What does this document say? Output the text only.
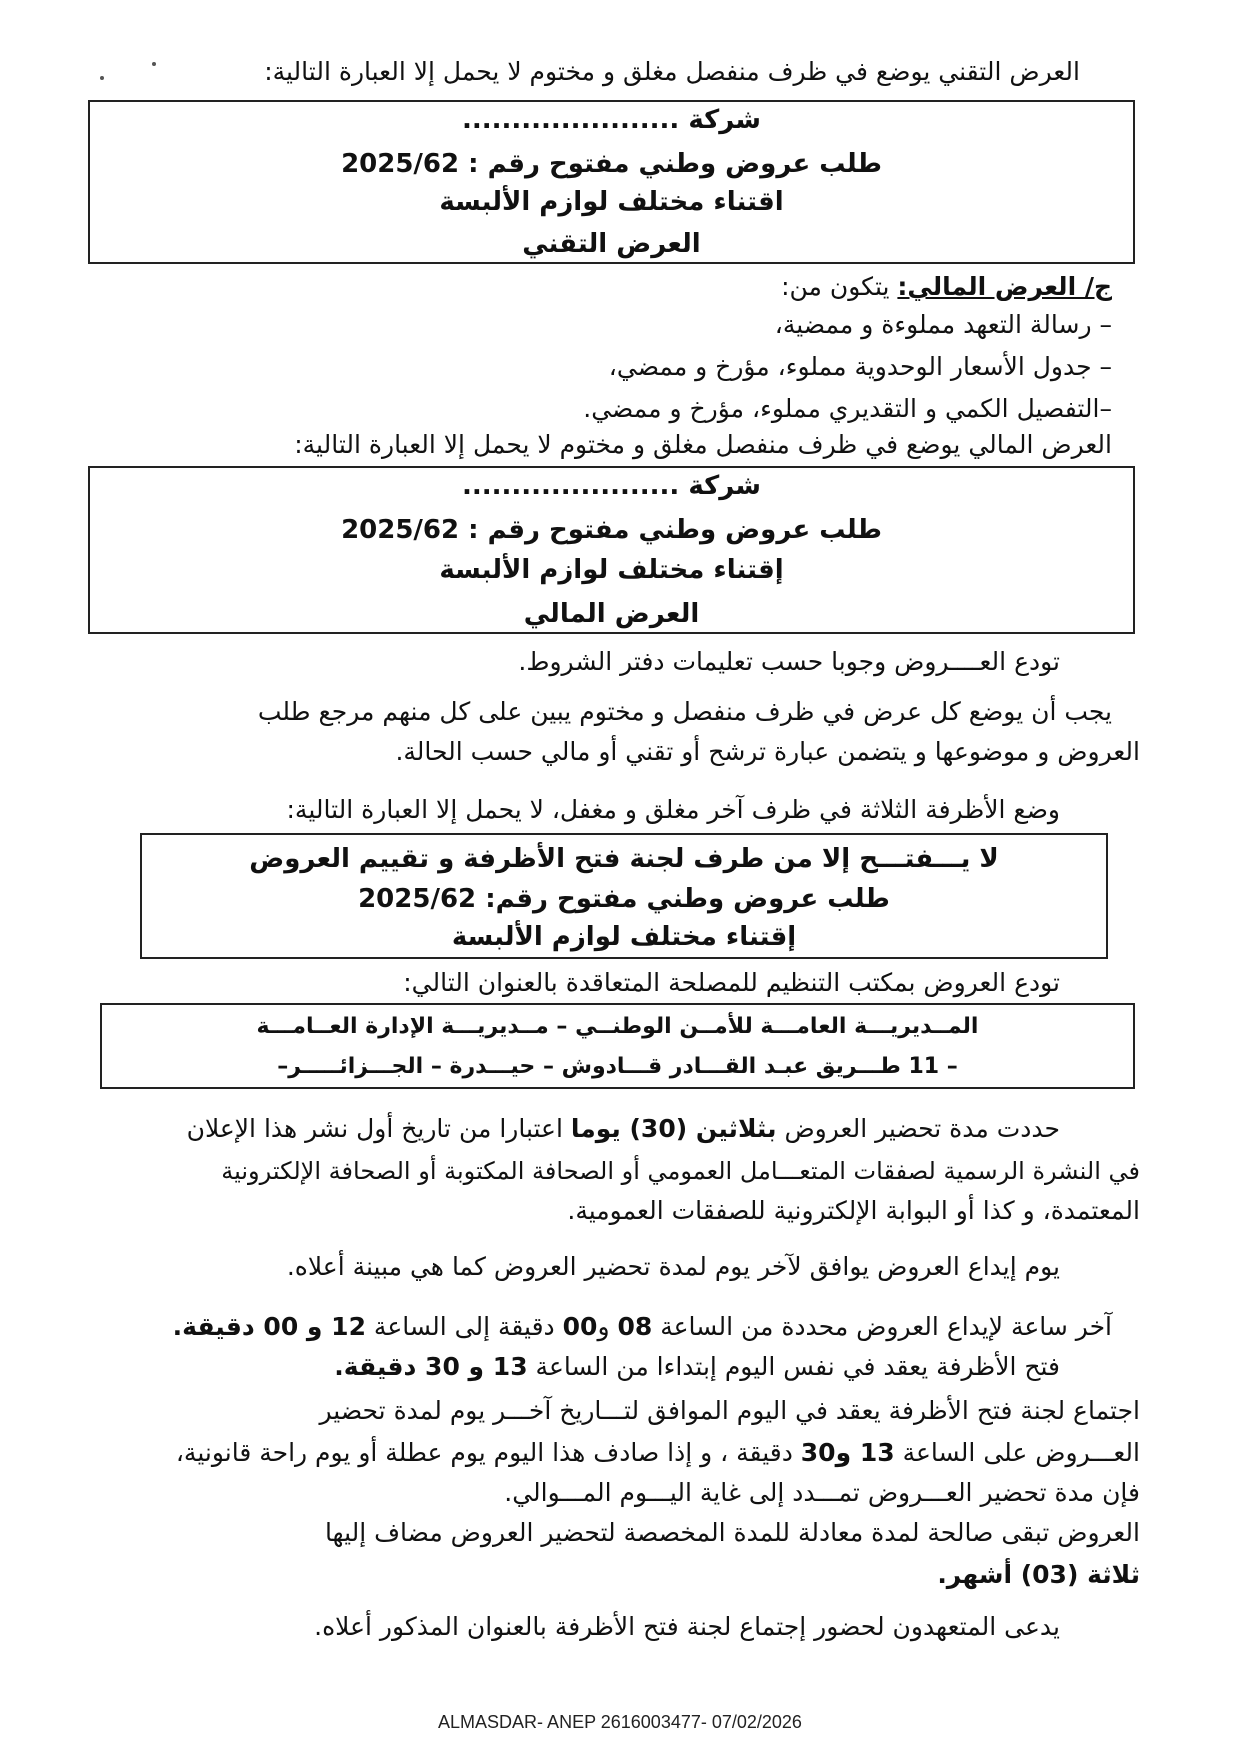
العرض التقني يوضع في ظرف منفصل مغلق و مختوم لا يحمل إلا العبارة التالية:
شركة ......................
طلب عروض وطني مفتوح رقم : 2025/62
اقتناء مختلف لوازم الألبسة
العرض التقني
ج/ العرض المالي: يتكون من:
– رسالة التعهد مملوءة و ممضية،
– جدول الأسعار الوحدوية مملوء، مؤرخ و ممضي،
–التفصيل الكمي و التقديري مملوء، مؤرخ و ممضي.
العرض المالي يوضع في ظرف منفصل مغلق و مختوم لا يحمل إلا العبارة التالية:
شركة ......................
طلب عروض وطني مفتوح رقم : 2025/62
إقتناء مختلف لوازم الألبسة
العرض المالي
تودع العــــروض وجوبا حسب تعليمات دفتر الشروط.
يجب أن يوضع كل عرض في ظرف منفصل و مختوم يبين على كل منهم مرجع طلب
العروض و موضوعها و يتضمن عبارة ترشح أو تقني أو مالي حسب الحالة.
وضع الأظرفة الثلاثة في ظرف آخر مغلق و مغفل، لا يحمل إلا العبارة التالية:
لا يـــفتـــح إلا من طرف لجنة فتح الأظرفة و تقييم العروض
طلب عروض وطني مفتوح رقم: 2025/62
إقتناء مختلف لوازم الألبسة
تودع العروض بمكتب التنظيم للمصلحة المتعاقدة بالعنوان التالي:
المــديريـــة العامـــة للأمــن الوطنــي – مــديريـــة الإدارة العــامـــة
– 11 طـــريق عبـد القـــادر قـــادوش – حيـــدرة – الجـــزائـــــر–
حددت مدة تحضير العروض بثلاثين (30) يوما اعتبارا من تاريخ أول نشر هذا الإعلان
في النشرة الرسمية لصفقات المتعـــامل العمومي أو الصحافة المكتوبة أو الصحافة الإلكترونية
المعتمدة، و كذا أو البوابة الإلكترونية للصفقات العمومية.
يوم إيداع العروض يوافق لآخر يوم لمدة تحضير العروض كما هي مبينة أعلاه.
آخر ساعة لإيداع العروض محددة من الساعة 08 و00 دقيقة إلى الساعة 12 و 00 دقيقة.
فتح الأظرفة يعقد في نفس اليوم إبتداءا من الساعة 13 و 30 دقيقة.
اجتماع لجنة فتح الأظرفة يعقد في اليوم الموافق لتـــاريخ آخـــر يوم لمدة تحضير
العـــروض على الساعة 13 و30 دقيقة ، و إذا صادف هذا اليوم يوم عطلة أو يوم راحة قانونية،
فإن مدة تحضير العـــروض تمـــدد إلى غاية اليـــوم المـــوالي.
العروض تبقى صالحة لمدة معادلة للمدة المخصصة لتحضير العروض مضاف إليها
ثلاثة (03) أشهر.
يدعى المتعهدون لحضور إجتماع لجنة فتح الأظرفة بالعنوان المذكور أعلاه.
ALMASDAR- ANEP 2616003477- 07/02/2026
